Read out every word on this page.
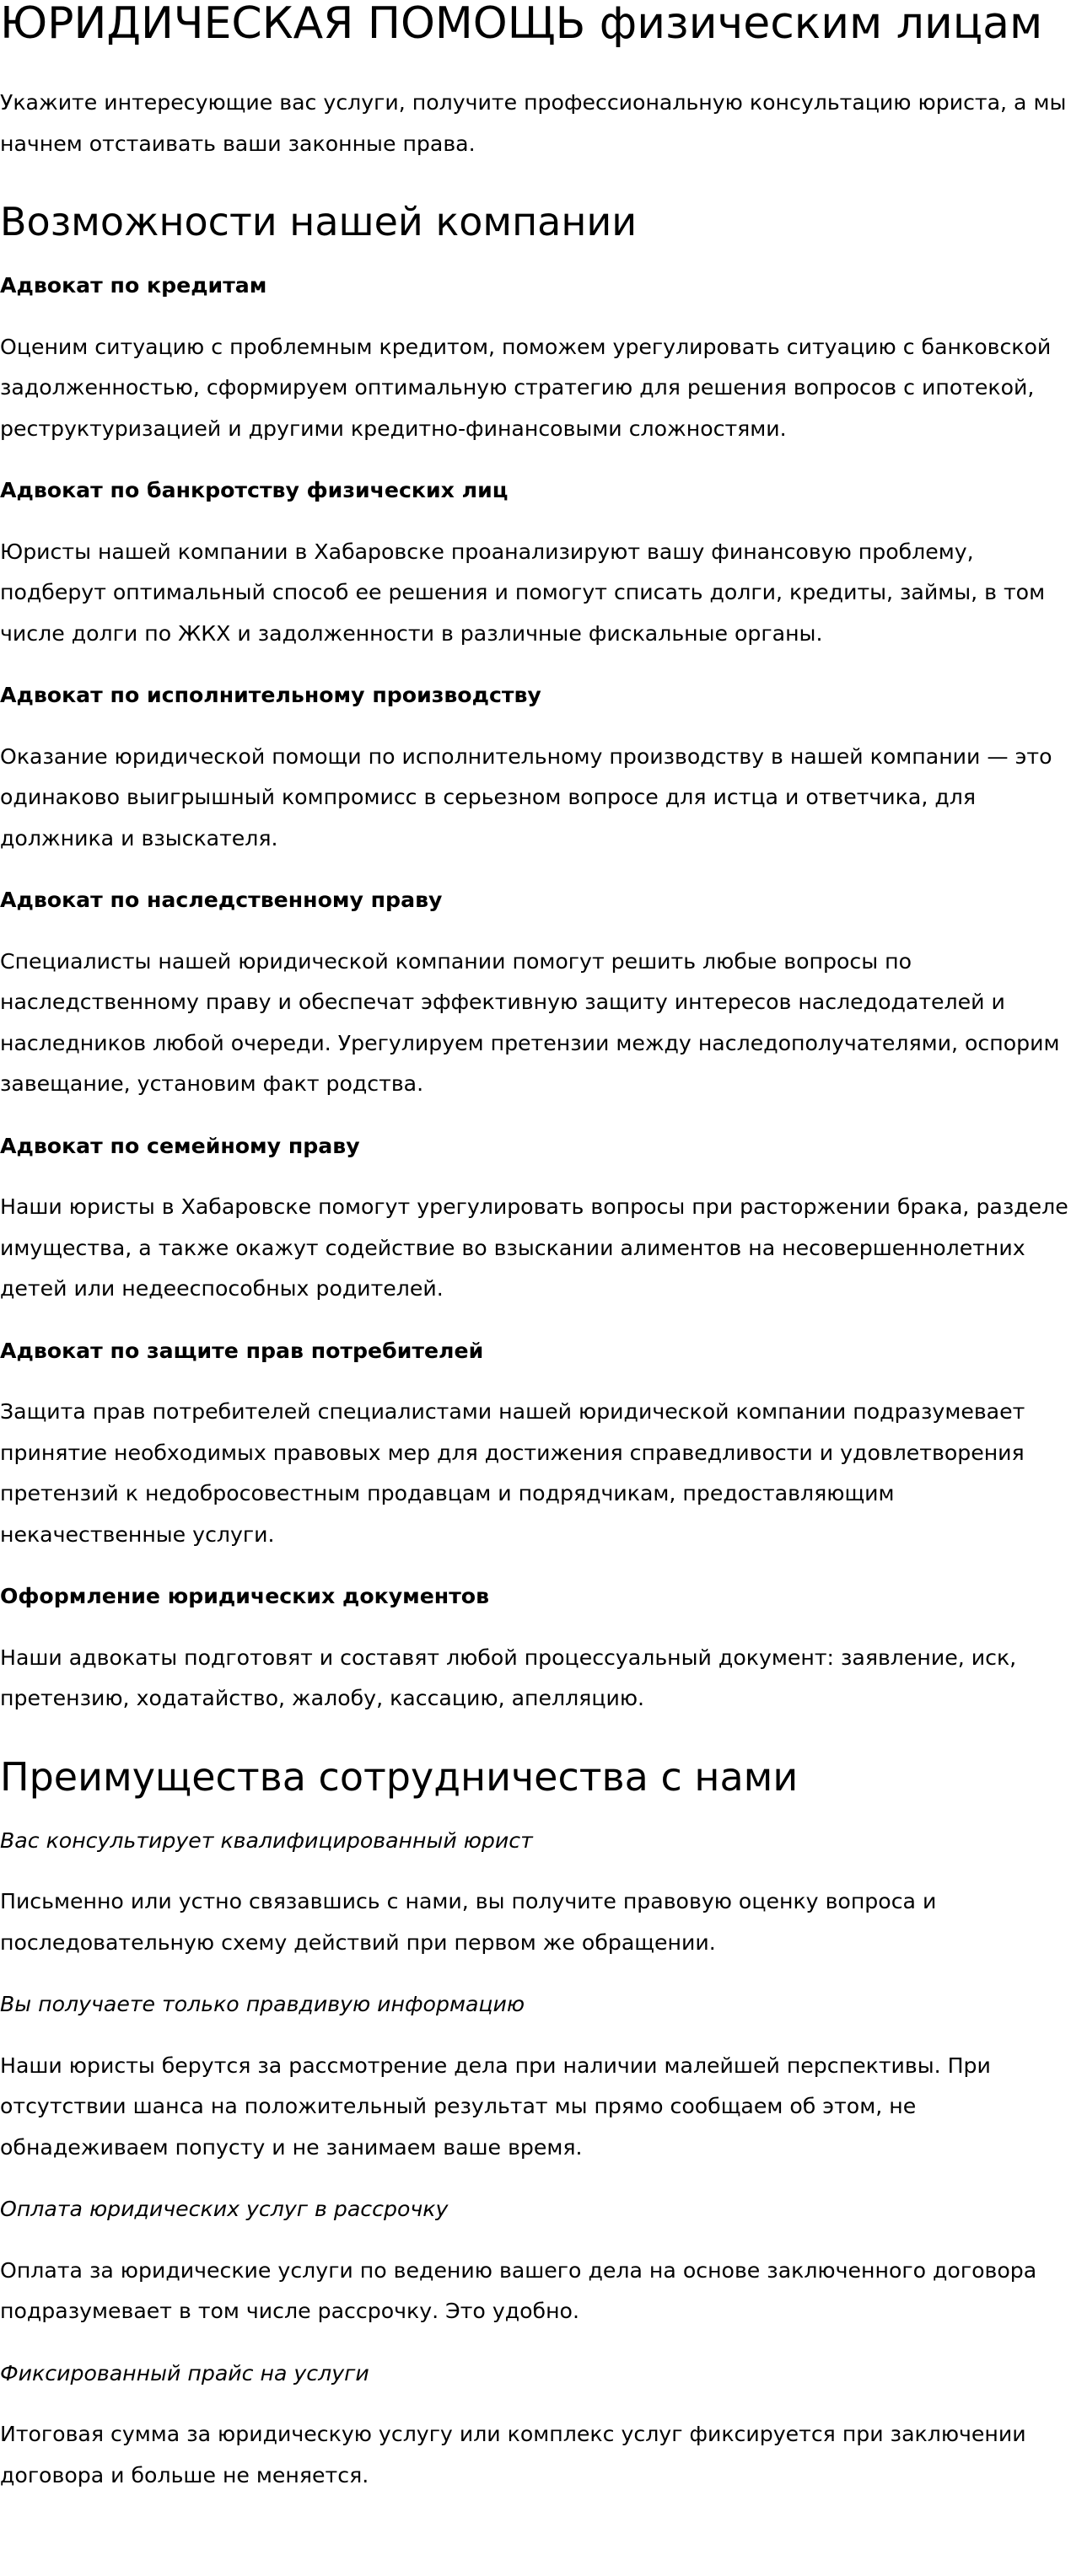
ЮРИДИЧЕСКАЯ ПОМОЩЬ физическим лицам

Укажите интересующие вас услуги, получите профессиональную консультацию юриста, а мы начнем отстаивать ваши законные права.

Возможности нашей компании

Адвокат по кредитам

Оценим ситуацию с проблемным кредитом, поможем урегулировать ситуацию с банковской задолженностью, сформируем оптимальную стратегию для решения вопросов с ипотекой, реструктуризацией и другими кредитно-финансовыми сложностями.

Адвокат по банкротству физических лиц

Юристы нашей компании в Хабаровске проанализируют вашу финансовую проблему, подберут оптимальный способ ее решения и помогут списать долги, кредиты, займы, в том числе долги по ЖКХ и задолженности в различные фискальные органы.

Адвокат по исполнительному производству

Оказание юридической помощи по исполнительному производству в нашей компании — это одинаково выигрышный компромисс в серьезном вопросе для истца и ответчика, для должника и взыскателя.

Адвокат по наследственному праву

Специалисты нашей юридической компании помогут решить любые вопросы по наследственному праву и обеспечат эффективную защиту интересов наследодателей и наследников любой очереди. Урегулируем претензии между наследополучателями, оспорим завещание, установим факт родства.

Адвокат по семейному праву

Наши юристы в Хабаровске помогут урегулировать вопросы при расторжении брака, разделе имущества, а также окажут содействие во взыскании алиментов на несовершеннолетних детей или недееспособных родителей.

Адвокат по защите прав потребителей

Защита прав потребителей специалистами нашей юридической компании подразумевает принятие необходимых правовых мер для достижения справедливости и удовлетворения претензий к недобросовестным продавцам и подрядчикам, предоставляющим некачественные услуги.

Оформление юридических документов

Наши адвокаты подготовят и составят любой процессуальный документ: заявление, иск, претензию, ходатайство, жалобу, кассацию, апелляцию.

Преимущества сотрудничества с нами

Вас консультирует квалифицированный юрист

Письменно или устно связавшись с нами, вы получите правовую оценку вопроса и последовательную схему действий при первом же обращении.

Вы получаете только правдивую информацию

Наши юристы берутся за рассмотрение дела при наличии малейшей перспективы. При отсутствии шанса на положительный результат мы прямо сообщаем об этом, не обнадеживаем попусту и не занимаем ваше время.

Оплата юридических услуг в рассрочку

Оплата за юридические услуги по ведению вашего дела на основе заключенного договора подразумевает в том числе рассрочку. Это удобно.

Фиксированный прайс на услуги

Итоговая сумма за юридическую услугу или комплекс услуг фиксируется при заключении договора и больше не меняется.
